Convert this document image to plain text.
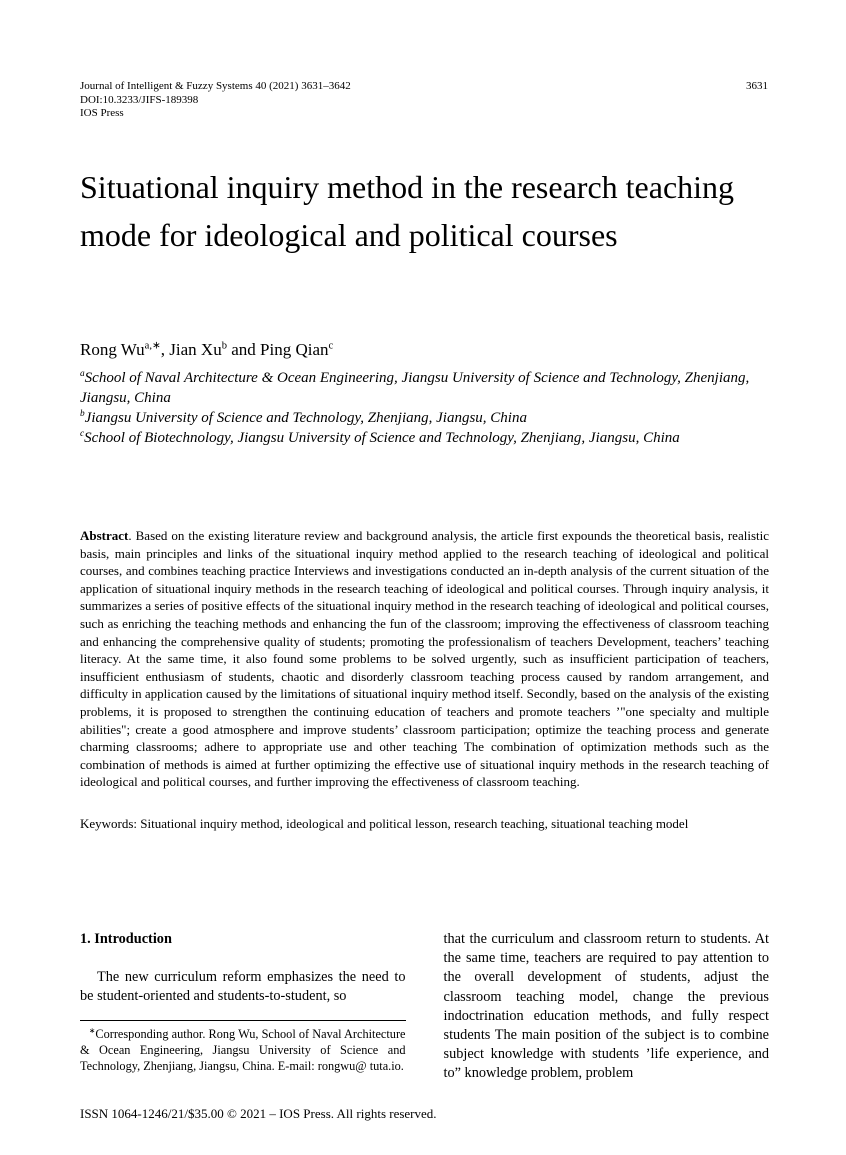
Journal of Intelligent & Fuzzy Systems 40 (2021) 3631–3642
DOI:10.3233/JIFS-189398
IOS Press
3631
Situational inquiry method in the research teaching mode for ideological and political courses
Rong $Wu^{a,∗}$, Jian Xu$^b$ and Ping Qian$^c$
$^a$School of Naval Architecture & Ocean Engineering, Jiangsu University of Science and Technology, Zhenjiang, Jiangsu, China
$^b$Jiangsu University of Science and Technology, Zhenjiang, Jiangsu, China
$^c$School of Biotechnology, Jiangsu University of Science and Technology, Zhenjiang, Jiangsu, China

Abstract. Based on the existing literature review and background analysis, the article first expounds the theoretical basis, realistic basis, main principles and links of the situational inquiry method applied to the research teaching of ideological and political courses, and combines teaching practice Interviews and investigations conducted an in-depth analysis of the current situation of the application of situational inquiry methods in the research teaching of ideological and political courses. Through inquiry analysis, it summarizes a series of positive effects of the situational inquiry method in the research teaching of ideological and political courses, such as enriching the teaching methods and enhancing the fun of the classroom; improving the effectiveness of classroom teaching and enhancing the comprehensive quality of students; promoting the professionalism of teachers Development, teachers’ teaching literacy. At the same time, it also found some problems to be solved urgently, such as insufficient participation of teachers, insufficient enthusiasm of students, chaotic and disorderly classroom teaching process caused by random arrangement, and difficulty in application caused by the limitations of situational inquiry method itself. Secondly, based on the analysis of the existing problems, it is proposed to strengthen the continuing education of teachers and promote teachers ’"one specialty and multiple abilities"; create a good atmosphere and improve students’ classroom participation; optimize the teaching process and generate charming classrooms; adhere to appropriate use and other teaching The combination of optimization methods such as the combination of methods is aimed at further optimizing the effective use of situational inquiry methods in the research teaching of ideological and political courses, and further improving the effectiveness of classroom teaching.

Keywords: Situational inquiry method, ideological and political lesson, research teaching, situational teaching model

1. Introduction

The new curriculum reform emphasizes the need to be student-oriented and students-to-student, so

∗Corresponding author. Rong Wu, School of Naval Architecture & Ocean Engineering, Jiangsu University of Science and Technology, Zhenjiang, Jiangsu, China. E-mail: rongwu@ tuta.io.

that the curriculum and classroom return to students. At the same time, teachers are required to pay attention to the overall development of students, adjust the classroom teaching model, change the previous indoctrination education methods, and fully respect students The main position of the subject is to combine subject knowledge with students ’life experience, and to” knowledge problem, problem

ISSN 1064-1246/21/$35.00 © 2021 – IOS Press. All rights reserved.
